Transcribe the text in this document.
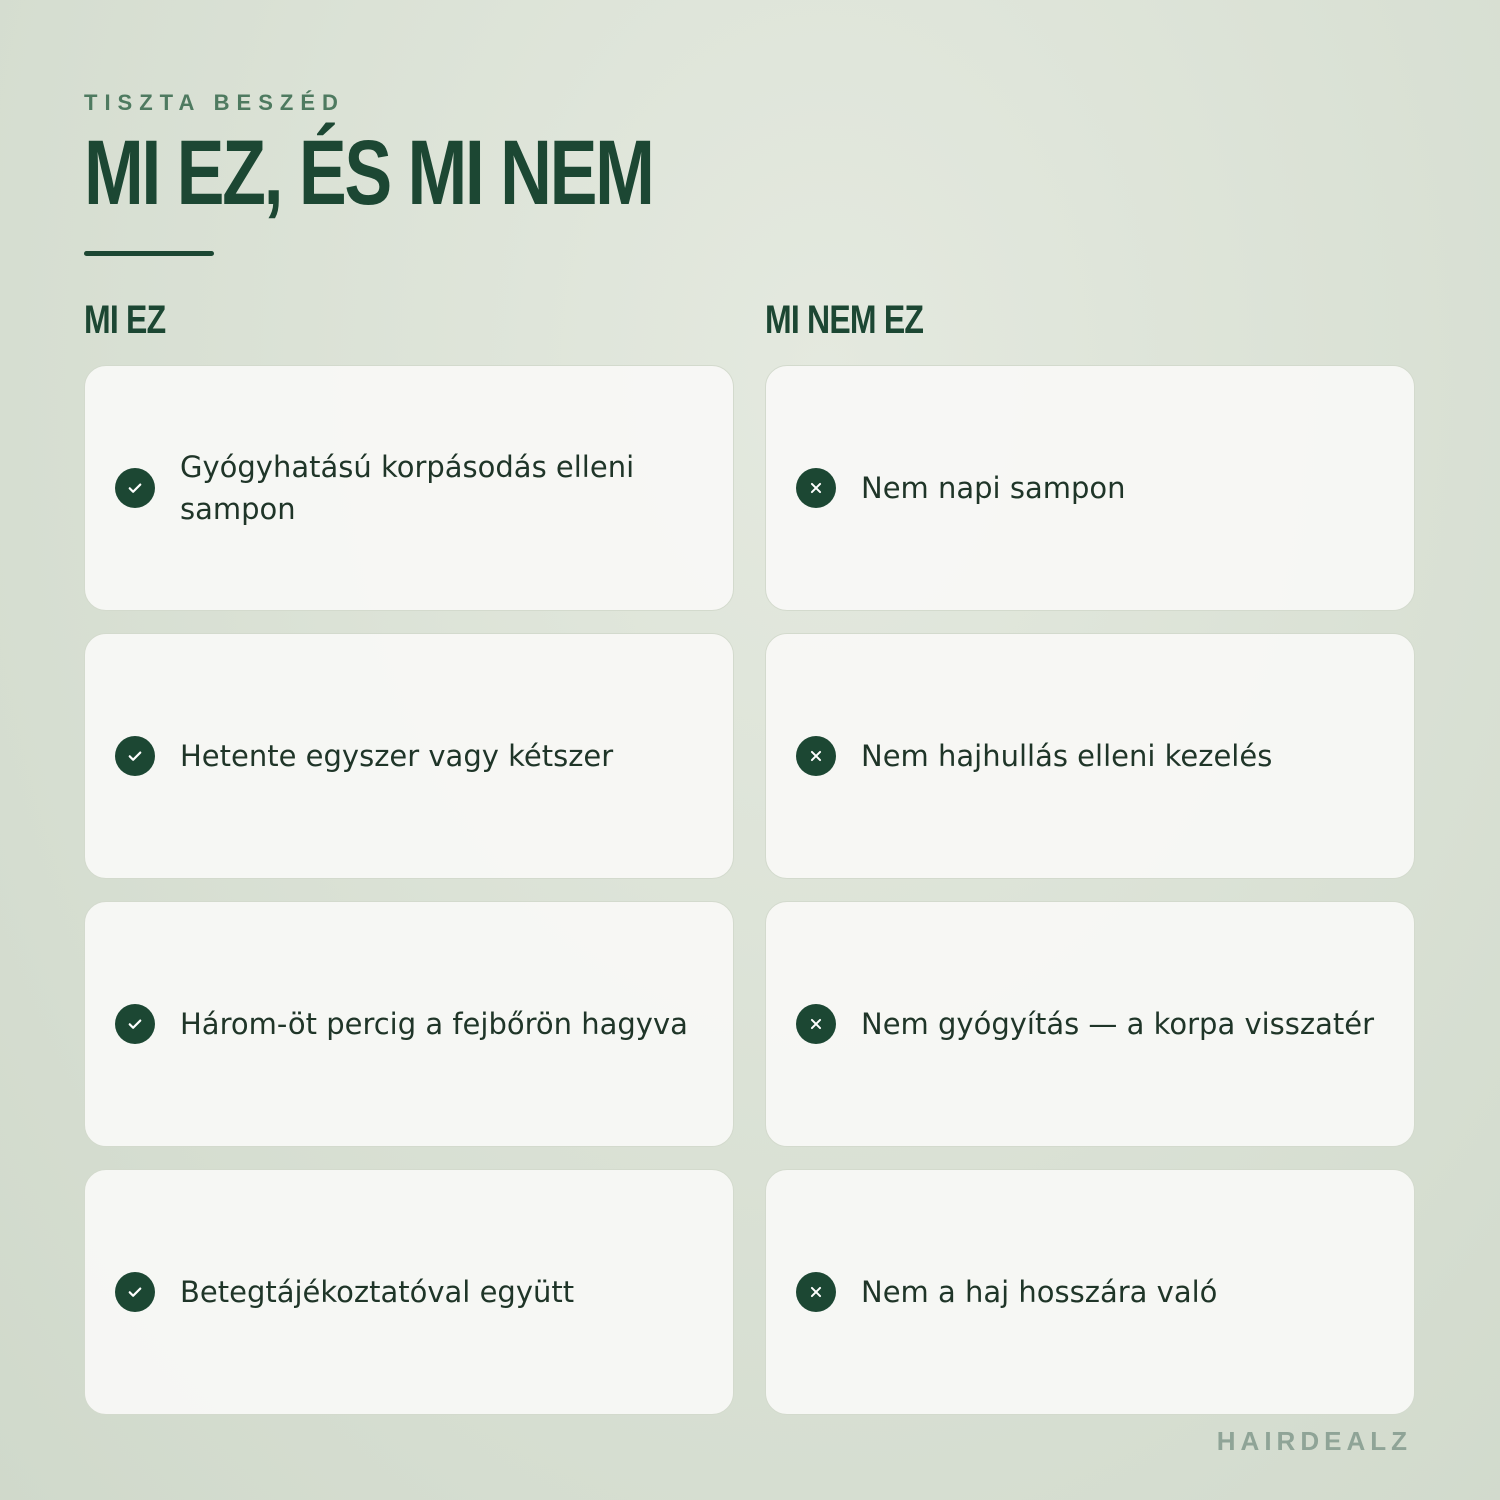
TISZTA BESZÉD
MI EZ, ÉS MI NEM
MI EZ	MI NEM EZ
Gyógyhatású korpásodás elleni sampon
Hetente egyszer vagy kétszer
Három-öt percig a fejbőrön hagyva
Betegtájékoztatóval együtt
Nem napi sampon
Nem hajhullás elleni kezelés
Nem gyógyítás — a korpa visszatér
Nem a haj hosszára való
HAIRDEALZ
